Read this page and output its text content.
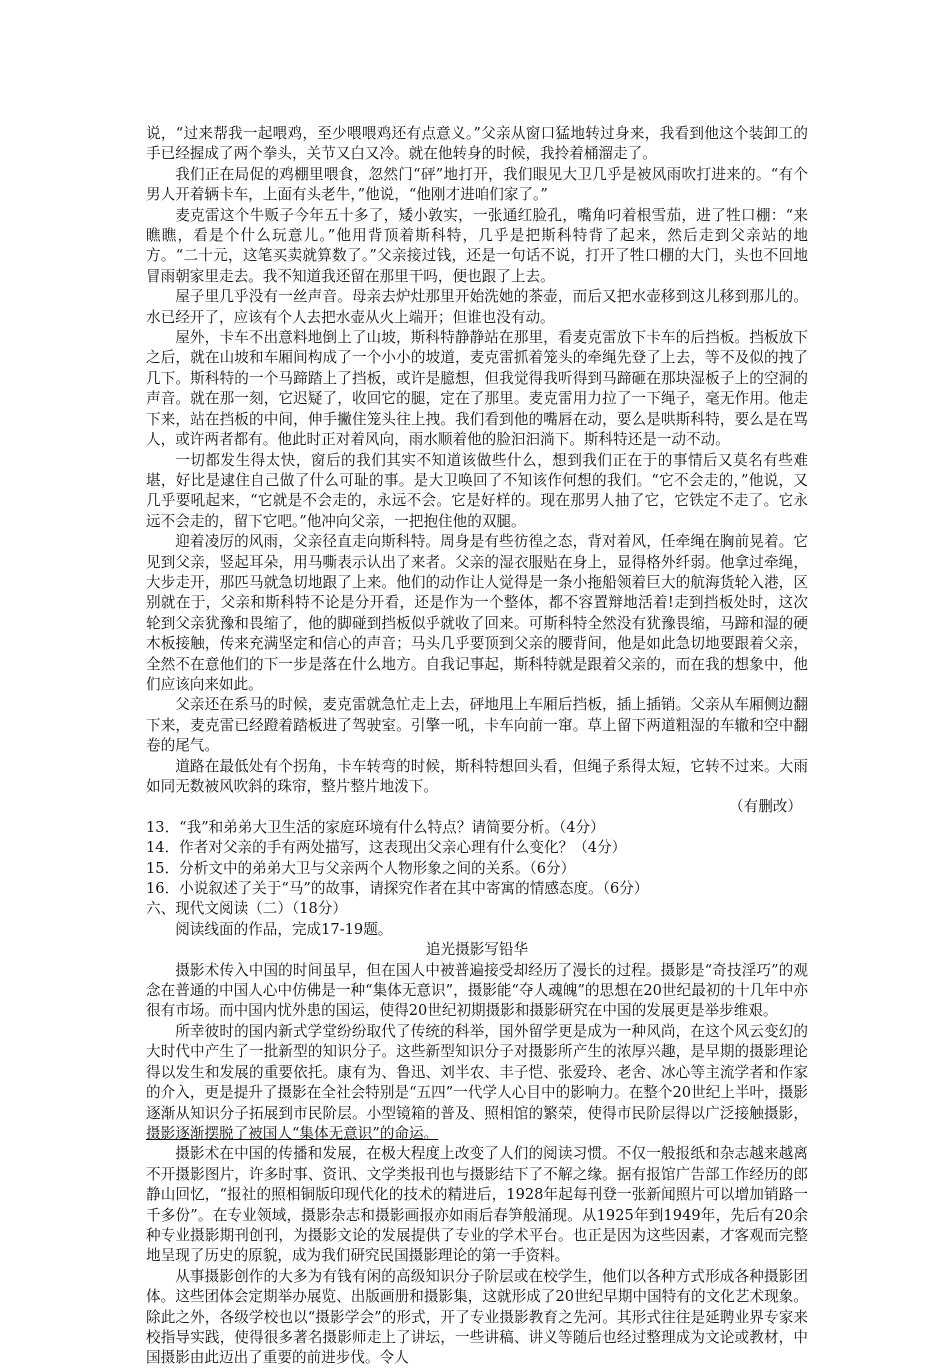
说，“过来帮我一起喂鸡，至少喂喂鸡还有点意义。”父亲从窗口猛地转过身来，我看到他这个装卸工的手已经握成了两个拳头，关节又白又冷。就在他转身的时候，我拎着桶溜走了。

我们正在局促的鸡棚里喂食，忽然门“砰”地打开，我们眼见大卫几乎是被风雨吹打进来的。“有个男人开着辆卡车，上面有头老牛，”他说，“他刚才进咱们家了。”

麦克雷这个牛贩子今年五十多了，矮小敦实，一张通红脸孔，嘴角叼着根雪茄，进了牲口棚：“来瞧瞧，看是个什么玩意儿。”他用背顶着斯科特，几乎是把斯科特背了起来，然后走到父亲站的地方。“二十元，这笔买卖就算数了。”父亲接过钱，还是一句话不说，打开了牲口棚的大门，头也不回地冒雨朝家里走去。我不知道我还留在那里干吗，便也跟了上去。

屋子里几乎没有一丝声音。母亲去炉灶那里开始洗她的茶壶，而后又把水壶移到这儿移到那儿的。水已经开了，应该有个人去把水壶从火上端开；但谁也没有动。

屋外，卡车不出意料地倒上了山坡，斯科特静静站在那里，看麦克雷放下卡车的后挡板。挡板放下之后，就在山坡和车厢间构成了一个小小的坡道，麦克雷抓着笼头的牵绳先登了上去，等不及似的拽了几下。斯科特的一个马蹄踏上了挡板，或许是臆想，但我觉得我听得到马蹄砸在那块湿板子上的空洞的声音。就在那一刻，它迟疑了，收回它的腿，定在了那里。麦克雷用力拉了一下绳子，毫无作用。他走下来，站在挡板的中间，伸手撇住笼头往上拽。我们看到他的嘴唇在动，要么是哄斯科特，要么是在骂人，或许两者都有。他此时正对着风向，雨水顺着他的脸汩汩淌下。斯科特还是一动不动。

一切都发生得太快，窗后的我们其实不知道该做些什么，想到我们正在于的事情后又莫名有些难堪，好比是逮住自己做了什么可耻的事。是大卫唤回了不知该作何想的我们。“它不会走的，”他说，又几乎要吼起来，“它就是不会走的，永远不会。它是好样的。现在那男人抽了它，它铁定不走了。它永远不会走的，留下它吧。”他冲向父亲，一把抱住他的双腿。

迎着凌厉的风雨，父亲径直走向斯科特。周身是有些彷徨之态，背对着风，任牵绳在胸前晃着。它见到父亲，竖起耳朵，用马嘶表示认出了来者。父亲的湿衣服贴在身上，显得格外纤弱。他拿过牵绳，大步走开，那匹马就急切地跟了上来。他们的动作让人觉得是一条小拖船领着巨大的航海货轮入港，区别就在于，父亲和斯科特不论是分开看，还是作为一个整体，都不容置辩地活着!走到挡板处时，这次轮到父亲犹豫和畏缩了，他的脚碰到挡板似乎就收了回来。可斯科特全然没有犹豫畏缩，马蹄和湿的硬木板接触，传来充满坚定和信心的声音；马头几乎要顶到父亲的腰背间，他是如此急切地要跟着父亲，全然不在意他们的下一步是落在什么地方。自我记事起，斯科特就是跟着父亲的，而在我的想象中，他们应该向来如此。

父亲还在系马的时候，麦克雷就急忙走上去，砰地甩上车厢后挡板，插上插销。父亲从车厢侧边翻下来，麦克雷已经蹬着踏板进了驾驶室。引擎一吼，卡车向前一窜。草上留下两道粗湿的车辙和空中翻卷的尾气。

道路在最低处有个拐角，卡车转弯的时候，斯科特想回头看，但绳子系得太短，它转不过来。大雨如同无数被风吹斜的珠帘，整片整片地泼下。

（有删改）

13．“我”和弟弟大卫生活的家庭环境有什么特点？请简要分析。（4分）

14．作者对父亲的手有两处描写，这表现出父亲心理有什么变化？（4分）

15．分析文中的弟弟大卫与父亲两个人物形象之间的关系。（6分）

16．小说叙述了关于“马”的故事，请探究作者在其中寄寓的情感态度。（6分）

六、现代文阅读（二）（18分）

阅读线面的作品，完成17-19题。

追光摄影写铅华

摄影术传入中国的时间虽早，但在国人中被普遍接受却经历了漫长的过程。摄影是“奇技淫巧”的观念在普通的中国人心中仿佛是一种“集体无意识”，摄影能“夺人魂魄”的思想在20世纪最初的十几年中亦很有市场。而中国内忧外患的国运，使得20世纪初期摄影和摄影研究在中国的发展更是举步维艰。

所幸彼时的国内新式学堂纷纷取代了传统的科举，国外留学更是成为一种风尚，在这个风云变幻的大时代中产生了一批新型的知识分子。这些新型知识分子对摄影所产生的浓厚兴趣，是早期的摄影理论得以发生和发展的重要依托。康有为、鲁迅、刘半农、丰子恺、张爱玲、老舍、冰心等主流学者和作家的介入，更是提升了摄影在全社会特别是“五四”一代学人心目中的影响力。在整个20世纪上半叶，摄影逐渐从知识分子拓展到市民阶层。小型镜箱的普及、照相馆的繁荣，使得市民阶层得以广泛接触摄影，摄影逐渐摆脱了被国人“集体无意识”的命运。

摄影术在中国的传播和发展，在极大程度上改变了人们的阅读习惯。不仅一般报纸和杂志越来越离不开摄影图片，许多时事、资讯、文学类报刊也与摄影结下了不解之缘。据有报馆广告部工作经历的郎静山回忆，“报社的照相铜版印现代化的技术的精进后，1928年起每刊登一张新闻照片可以增加销路一千多份”。在专业领域，摄影杂志和摄影画报亦如雨后春笋般涌现。从1925年到1949年，先后有20余种专业摄影期刊创刊，为摄影文论的发展提供了专业的学术平台。也正是因为这些因素，才客观而完整地呈现了历史的原貌，成为我们研究民国摄影理论的第一手资料。

从事摄影创作的大多为有钱有闲的高级知识分子阶层或在校学生，他们以各种方式形成各种摄影团体。这些团体会定期举办展览、出版画册和摄影集，这就形成了20世纪早期中国特有的文化艺术现象。除此之外，各级学校也以“摄影学会”的形式，开了专业摄影教育之先河。其形式往往是延聘业界专家来校指导实践，使得很多著名摄影师走上了讲坛，一些讲稿、讲义等随后也经过整理成为文论或教材，中国摄影由此迈出了重要的前进步伐。令人
